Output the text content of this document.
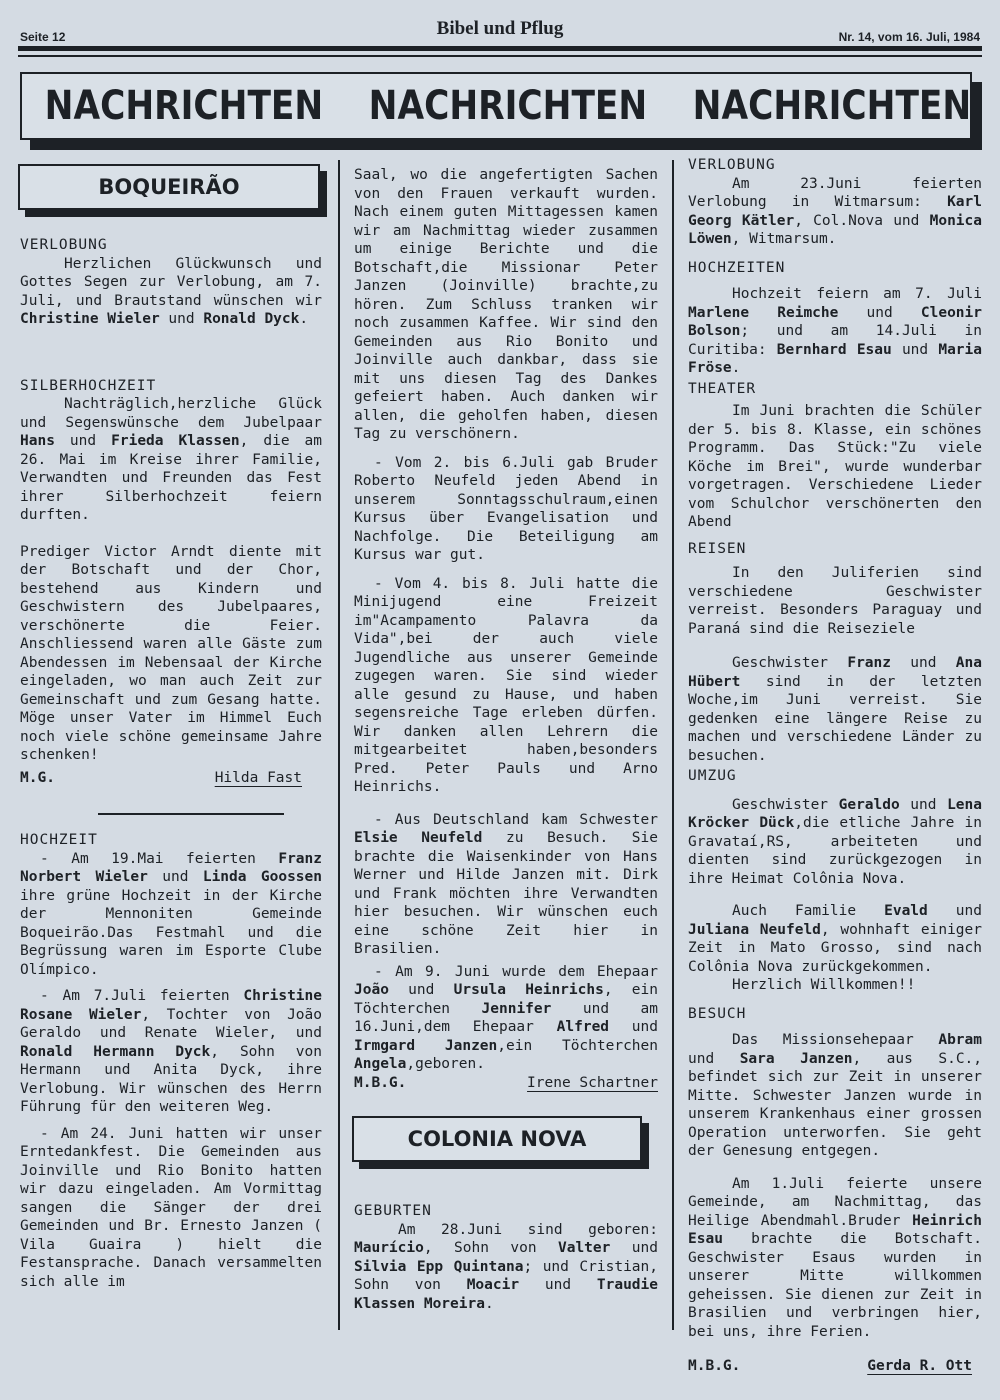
Seite 12	Bibel und Pflug	Nr. 14, vom 16. Juli, 1984
NACHRICHTEN NACHRICHTEN NACHRICHTEN
BOQUEIRÃO

VERLOBUNG

Herzlichen Glückwunsch und Gottes Segen zur Verlobung, am 7. Juli, und Brautstand wünschen wir Christine Wieler und Ronald Dyck.

SILBERHOCHZEIT

Nachträglich,herzliche Glück und Segenswünsche dem Jubelpaar Hans und Frieda Klassen, die am 26. Mai im Kreise ihrer Familie, Verwandten und Freunden das Fest ihrer Silberhochzeit feiern durften.

Prediger Victor Arndt diente mit der Botschaft und der Chor, bestehend aus Kindern und Geschwistern des Jubelpaares, verschönerte die Feier. Anschliessend waren alle Gäste zum Abendessen im Nebensaal der Kirche eingeladen, wo man auch Zeit zur Gemeinschaft und zum Gesang hatte. Möge unser Vater im Himmel Euch noch viele schöne gemeinsame Jahre schenken!

M.G.	Hilda Fast

HOCHZEIT

- Am 19.Mai feierten Franz Norbert Wieler und Linda Goossen ihre grüne Hochzeit in der Kirche der Mennoniten Gemeinde Boqueirão.Das Festmahl und die Begrüssung waren im Esporte Clube Olímpico.

- Am 7.Juli feierten Christine Rosane Wieler, Tochter von João Geraldo und Renate Wieler, und Ronald Hermann Dyck, Sohn von Hermann und Anita Dyck, ihre Verlobung. Wir wünschen des Herrn Führung für den weiteren Weg.

- Am 24. Juni hatten wir unser Erntedankfest. Die Gemeinden aus Joinville und Rio Bonito hatten wir dazu eingeladen. Am Vormittag sangen die Sänger der drei Gemeinden und Br. Ernesto Janzen ( Vila Guaira ) hielt die Festansprache. Danach versammelten sich alle im

Saal, wo die angefertigten Sachen von den Frauen verkauft wurden. Nach einem guten Mittagessen kamen wir am Nachmittag wieder zusammen um einige Berichte und die Botschaft,die Missionar Peter Janzen (Joinville) brachte,zu hören. Zum Schluss tranken wir noch zusammen Kaffee. Wir sind den Gemeinden aus Rio Bonito und Joinville auch dankbar, dass sie mit uns diesen Tag des Dankes gefeiert haben. Auch danken wir allen, die geholfen haben, diesen Tag zu verschönern.

- Vom 2. bis 6.Juli gab Bruder Roberto Neufeld jeden Abend in unserem Sonntagsschulraum,einen Kursus über Evangelisation und Nachfolge. Die Beteiligung am Kursus war gut.

- Vom 4. bis 8. Juli hatte die Minijugend eine Freizeit im"Acampamento Palavra da Vida",bei der auch viele Jugendliche aus unserer Gemeinde zugegen waren. Sie sind wieder alle gesund zu Hause, und haben segensreiche Tage erleben dürfen. Wir danken allen Lehrern die mitgearbeitet haben,besonders Pred. Peter Pauls und Arno Heinrichs.

- Aus Deutschland kam Schwester Elsie Neufeld zu Besuch. Sie brachte die Waisenkinder von Hans Werner und Hilde Janzen mit. Dirk und Frank möchten ihre Verwandten hier besuchen. Wir wünschen euch eine schöne Zeit hier in Brasilien.

- Am 9. Juni wurde dem Ehepaar João und Ursula Heinrichs, ein Töchterchen Jennifer und am 16.Juni,dem Ehepaar Alfred und Irmgard Janzen,ein Töchterchen Angela,geboren.

M.B.G.	Irene Schartner
COLONIA NOVA

GEBURTEN

Am 28.Juni sind geboren: Maurício, Sohn von Valter und Silvia Epp Quintana; und Cristian, Sohn von Moacir und Traudie Klassen Moreira.

VERLOBUNG

Am 23.Juni feierten Verlobung in Witmarsum: Karl Georg Kätler, Col.Nova und Monica Löwen, Witmarsum.

HOCHZEITEN

Hochzeit feiern am 7. Juli Marlene Reimche und Cleonir Bolson; und am 14.Juli in Curitiba: Bernhard Esau und Maria Fröse.

THEATER

Im Juni brachten die Schüler der 5. bis 8. Klasse, ein schönes Programm. Das Stück:"Zu viele Köche im Brei", wurde wunderbar vorgetragen. Verschiedene Lieder vom Schulchor verschönerten den Abend

REISEN

In den Juliferien sind verschiedene Geschwister verreist. Besonders Paraguay und Paraná sind die Reiseziele

Geschwister Franz und Ana Hübert sind in der letzten Woche,im Juni verreist. Sie gedenken eine längere Reise zu machen und verschiedene Länder zu besuchen.

UMZUG

Geschwister Geraldo und Lena Kröcker Dück,die etliche Jahre in Gravataí,RS, arbeiteten und dienten sind zurückgezogen in ihre Heimat Colônia Nova.

Auch Familie Evald und Juliana Neufeld, wohnhaft einiger Zeit in Mato Grosso, sind nach Colônia Nova zurückgekommen.

Herzlich Willkommen!!

BESUCH

Das Missionsehepaar Abram und Sara Janzen, aus S.C., befindet sich zur Zeit in unserer Mitte. Schwester Janzen wurde in unserem Krankenhaus einer grossen Operation unterworfen. Sie geht der Genesung entgegen.

Am 1.Juli feierte unsere Gemeinde, am Nachmittag, das Heilige Abendmahl.Bruder Heinrich Esau brachte die Botschaft. Geschwister Esaus wurden in unserer Mitte willkommen geheissen. Sie dienen zur Zeit in Brasilien und verbringen hier, bei uns, ihre Ferien.

M.B.G.	Gerda R. Ott
